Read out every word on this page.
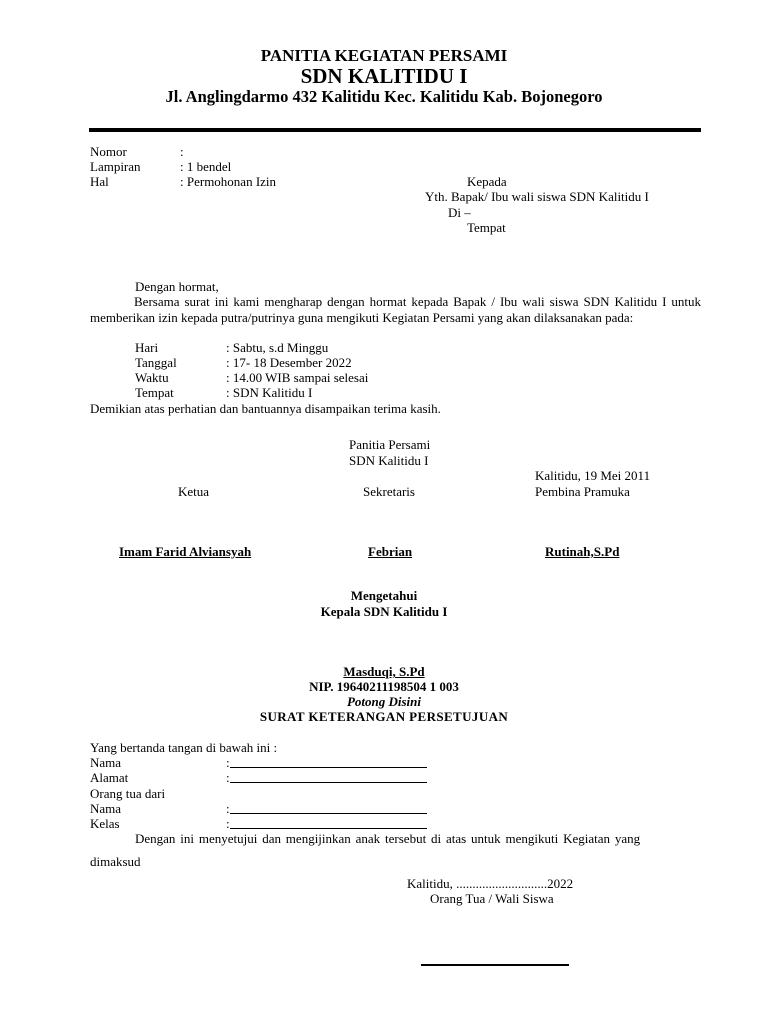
PANITIA KEGIATAN PERSAMI
SDN KALITIDU I
Jl. Anglingdarmo 432 Kalitidu Kec. Kalitidu Kab. Bojonegoro
Nomor	:
Lampiran	: 1 bendel
Hal	: Permohonan Izin	Kepada
Yth. Bapak/ Ibu wali siswa SDN Kalitidu I
Di –
Tempat
Dengan hormat,

Bersama surat ini kami mengharap dengan hormat kepada Bapak / Ibu wali siswa SDN Kalitidu I untuk memberikan izin kepada putra/putrinya guna mengikuti Kegiatan Persami yang akan dilaksanakan pada:

Hari	: Sabtu, s.d Minggu
Tanggal	: 17- 18 Desember 2022
Waktu	: 14.00 WIB sampai selesai
Tempat	: SDN Kalitidu I
Demikian atas perhatian dan bantuannya disampaikan terima kasih.
Panitia Persami
SDN Kalitidu I
Kalitidu, 19 Mei 2011
Ketua	Sekretaris	Pembina Pramuka
Imam Farid Alviansyah	Febrian	Rutinah,S.Pd
Mengetahui
Kepala SDN Kalitidu I
Masduqi, S.Pd
NIP. 19640211198504 1 003
Potong Disini
SURAT KETERANGAN PERSETUJUAN
Yang bertanda tangan di bawah ini :
Nama	:
Alamat	:
Orang tua dari
Nama	:
Kelas	:
Dengan ini menyetujui dan mengijinkan anak tersebut di atas untuk mengikuti Kegiatan yang
dimaksud
Kalitidu, ............................2022
Orang Tua / Wali Siswa
